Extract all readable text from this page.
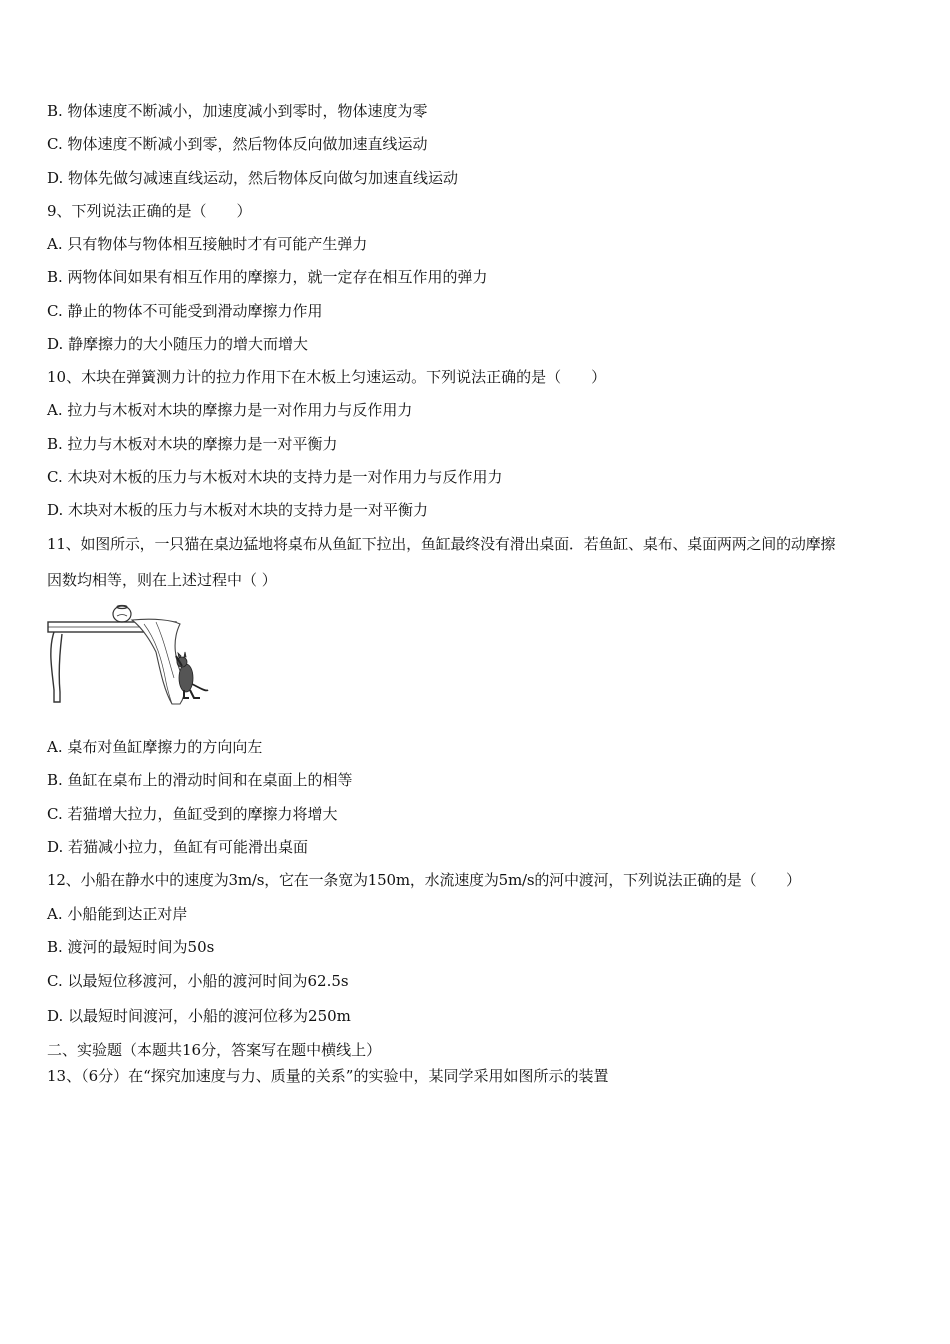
B. 物体速度不断减小，加速度减小到零时，物体速度为零
C. 物体速度不断减小到零，然后物体反向做加速直线运动
D. 物体先做匀减速直线运动，然后物体反向做匀加速直线运动
9、下列说法正确的是（　　）
A. 只有物体与物体相互接触时才有可能产生弹力
B. 两物体间如果有相互作用的摩擦力，就一定存在相互作用的弹力
C. 静止的物体不可能受到滑动摩擦力作用
D. 静摩擦力的大小随压力的增大而增大
10、木块在弹簧测力计的拉力作用下在木板上匀速运动。下列说法正确的是（　　）
A. 拉力与木板对木块的摩擦力是一对作用力与反作用力
B. 拉力与木板对木块的摩擦力是一对平衡力
C. 木块对木板的压力与木板对木块的支持力是一对作用力与反作用力
D. 木块对木板的压力与木板对木块的支持力是一对平衡力
11、如图所示，一只猫在桌边猛地将桌布从鱼缸下拉出，鱼缸最终没有滑出桌面．若鱼缸、桌布、桌面两两之间的动摩擦
因数均相等，则在上述过程中（ ）
A. 桌布对鱼缸摩擦力的方向向左
B. 鱼缸在桌布上的滑动时间和在桌面上的相等
C. 若猫增大拉力，鱼缸受到的摩擦力将增大
D. 若猫减小拉力，鱼缸有可能滑出桌面
12、小船在静水中的速度为3m/s，它在一条宽为150m，水流速度为5m/s的河中渡河，下列说法正确的是（　　）
A. 小船能到达正对岸
B. 渡河的最短时间为50s
C. 以最短位移渡河，小船的渡河时间为62.5s
D. 以最短时间渡河，小船的渡河位移为250m
二、实验题（本题共16分，答案写在题中横线上）
13、（6分）在“探究加速度与力、质量的关系”的实验中，某同学采用如图所示的装置
